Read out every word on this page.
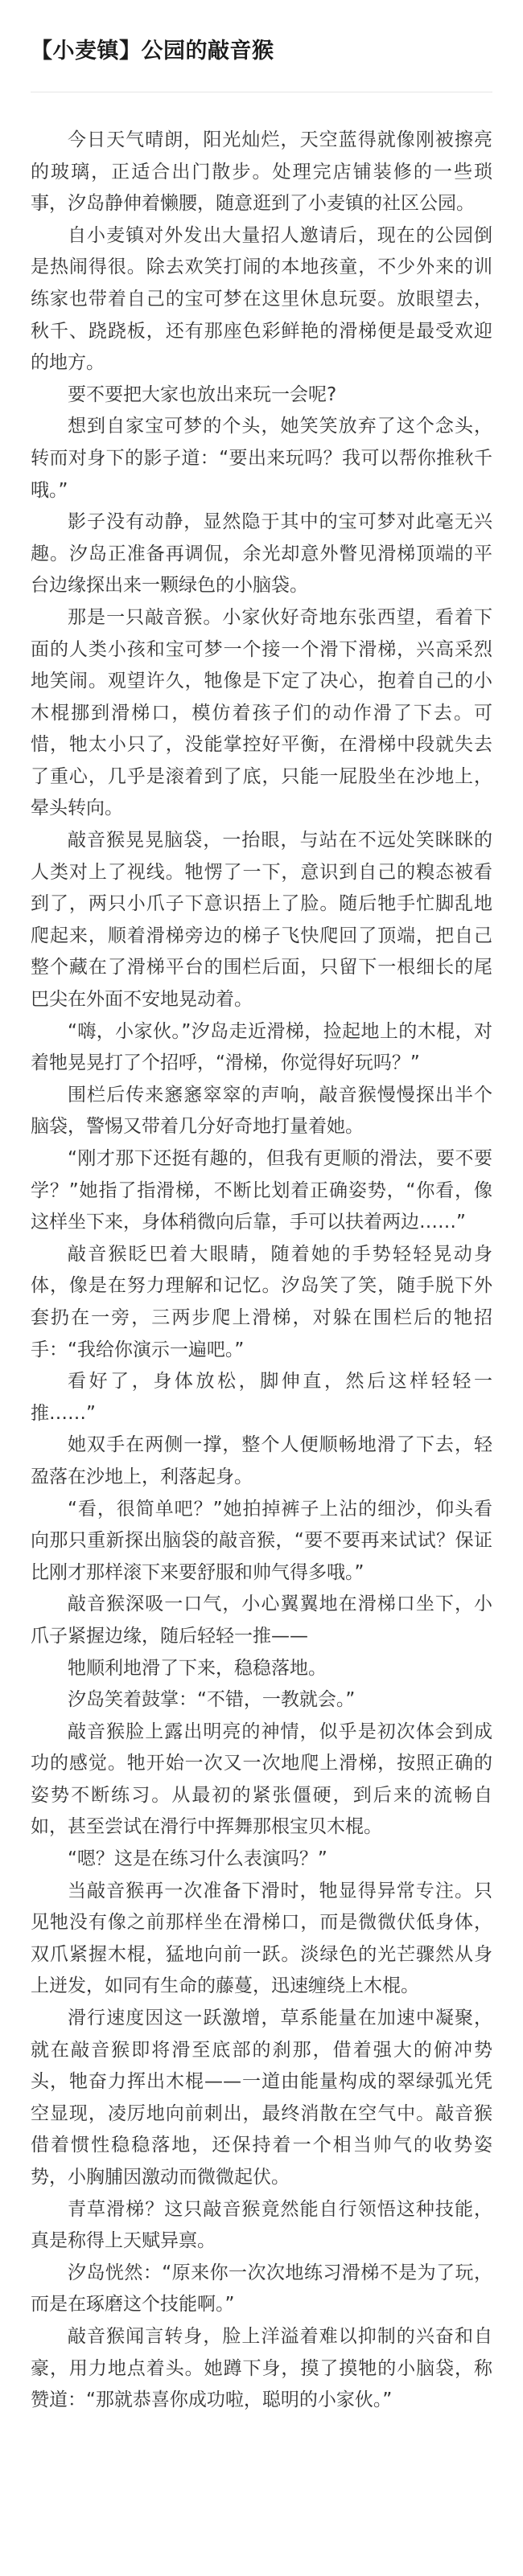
【小麦镇】公园的敲音猴

今日天气晴朗，阳光灿烂，天空蓝得就像刚被擦亮的玻璃，正适合出门散步。处理完店铺装修的一些琐事，汐岛静伸着懒腰，随意逛到了小麦镇的社区公园。

自小麦镇对外发出大量招人邀请后，现在的公园倒是热闹得很。除去欢笑打闹的本地孩童，不少外来的训练家也带着自己的宝可梦在这里休息玩耍。放眼望去，秋千、跷跷板，还有那座色彩鲜艳的滑梯便是最受欢迎的地方。

要不要把大家也放出来玩一会呢?

想到自家宝可梦的个头，她笑笑放弃了这个念头，转而对身下的影子道：“要出来玩吗？我可以帮你推秋千哦。”

影子没有动静，显然隐于其中的宝可梦对此毫无兴趣。汐岛正准备再调侃，余光却意外瞥见滑梯顶端的平台边缘探出来一颗绿色的小脑袋。

那是一只敲音猴。小家伙好奇地东张西望，看着下面的人类小孩和宝可梦一个接一个滑下滑梯，兴高采烈地笑闹。观望许久，牠像是下定了决心，抱着自己的小木棍挪到滑梯口，模仿着孩子们的动作滑了下去。可惜，牠太小只了，没能掌控好平衡，在滑梯中段就失去了重心，几乎是滚着到了底，只能一屁股坐在沙地上，晕头转向。

敲音猴晃晃脑袋，一抬眼，与站在不远处笑眯眯的人类对上了视线。牠愣了一下，意识到自己的糗态被看到了，两只小爪子下意识捂上了脸。随后牠手忙脚乱地爬起来，顺着滑梯旁边的梯子飞快爬回了顶端，把自己整个藏在了滑梯平台的围栏后面，只留下一根细长的尾巴尖在外面不安地晃动着。

“嗨，小家伙。”汐岛走近滑梯，捡起地上的木棍，对着牠晃晃打了个招呼，“滑梯，你觉得好玩吗？”

围栏后传来窸窸窣窣的声响，敲音猴慢慢探出半个脑袋，警惕又带着几分好奇地打量着她。

“刚才那下还挺有趣的，但我有更顺的滑法，要不要学？”她指了指滑梯，不断比划着正确姿势，“你看，像这样坐下来，身体稍微向后靠，手可以扶着两边……”

敲音猴眨巴着大眼睛，随着她的手势轻轻晃动身体，像是在努力理解和记忆。汐岛笑了笑，随手脱下外套扔在一旁，三两步爬上滑梯，对躲在围栏后的牠招手：“我给你演示一遍吧。”

看好了，身体放松，脚伸直，然后这样轻轻一推……”

她双手在两侧一撑，整个人便顺畅地滑了下去，轻盈落在沙地上，利落起身。

“看，很简单吧？”她拍掉裤子上沾的细沙，仰头看向那只重新探出脑袋的敲音猴，“要不要再来试试？保证比刚才那样滚下来要舒服和帅气得多哦。”

敲音猴深吸一口气，小心翼翼地在滑梯口坐下，小爪子紧握边缘，随后轻轻一推——

牠顺利地滑了下来，稳稳落地。

汐岛笑着鼓掌：“不错，一教就会。”

敲音猴脸上露出明亮的神情，似乎是初次体会到成功的感觉。牠开始一次又一次地爬上滑梯，按照正确的姿势不断练习。从最初的紧张僵硬，到后来的流畅自如，甚至尝试在滑行中挥舞那根宝贝木棍。

“嗯？这是在练习什么表演吗？”

当敲音猴再一次准备下滑时，牠显得异常专注。只见牠没有像之前那样坐在滑梯口，而是微微伏低身体，双爪紧握木棍，猛地向前一跃。淡绿色的光芒骤然从身上迸发，如同有生命的藤蔓，迅速缠绕上木棍。

滑行速度因这一跃激增，草系能量在加速中凝聚，就在敲音猴即将滑至底部的刹那，借着强大的俯冲势头，牠奋力挥出木棍——一道由能量构成的翠绿弧光凭空显现，凌厉地向前刺出，最终消散在空气中。敲音猴借着惯性稳稳落地，还保持着一个相当帅气的收势姿势，小胸脯因激动而微微起伏。

青草滑梯？这只敲音猴竟然能自行领悟这种技能，真是称得上天赋异禀。

汐岛恍然：“原来你一次次地练习滑梯不是为了玩，而是在琢磨这个技能啊。”

敲音猴闻言转身，脸上洋溢着难以抑制的兴奋和自豪，用力地点着头。她蹲下身，摸了摸牠的小脑袋，称赞道：“那就恭喜你成功啦，聪明的小家伙。”
